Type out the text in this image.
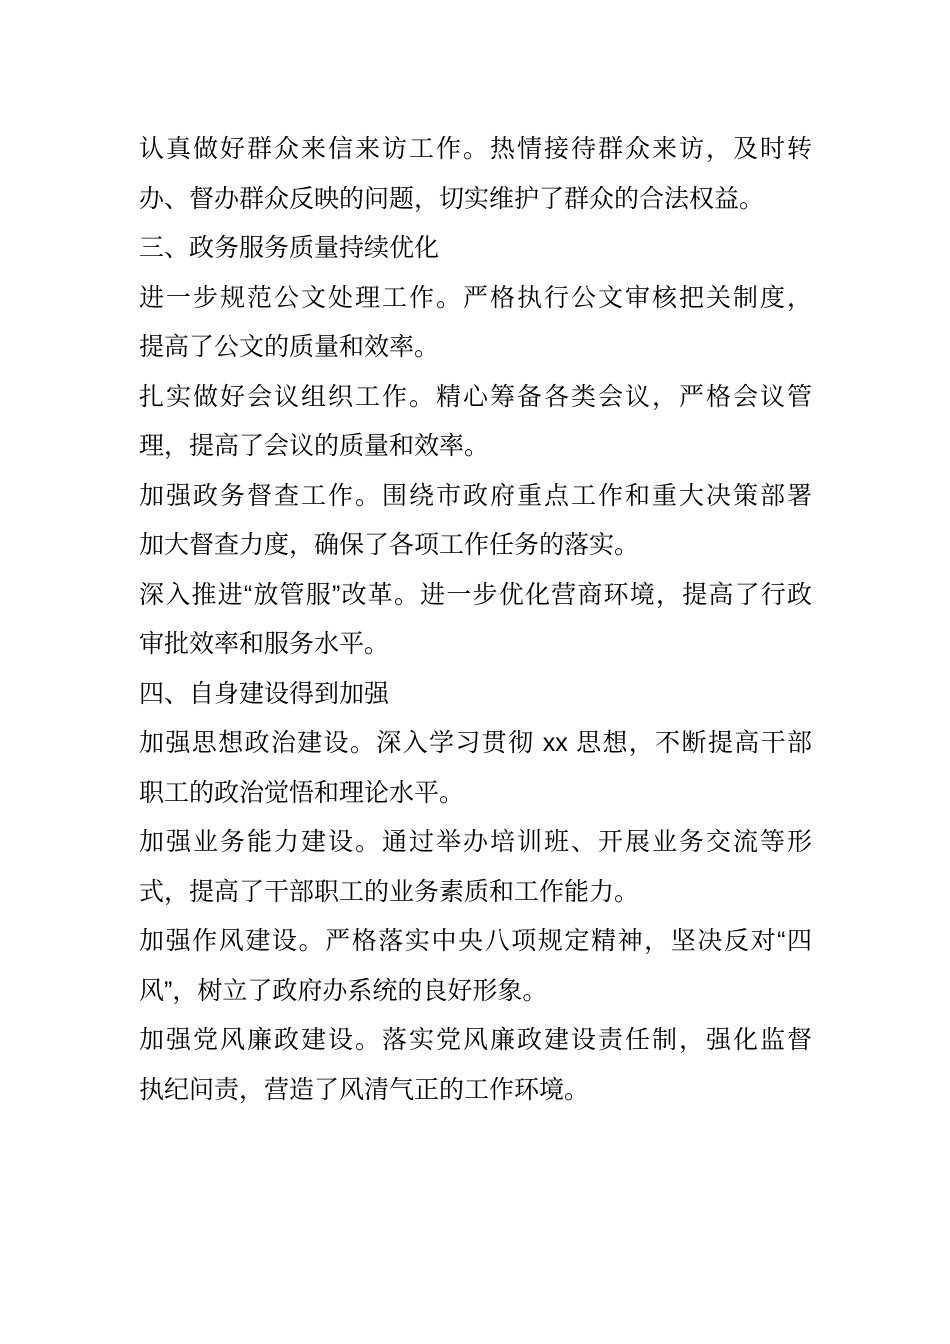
认真做好群众来信来访工作。热情接待群众来访，及时转
办、督办群众反映的问题，切实维护了群众的合法权益。
三、政务服务质量持续优化
进一步规范公文处理工作。严格执行公文审核把关制度，
提高了公文的质量和效率。
扎实做好会议组织工作。精心筹备各类会议，严格会议管
理，提高了会议的质量和效率。
加强政务督查工作。围绕市政府重点工作和重大决策部署
加大督查力度，确保了各项工作任务的落实。
深入推进“放管服”改革。进一步优化营商环境，提高了行政
审批效率和服务水平。
四、自身建设得到加强
加强思想政治建设。深入学习贯彻 xx 思想，不断提高干部
职工的政治觉悟和理论水平。
加强业务能力建设。通过举办培训班、开展业务交流等形
式，提高了干部职工的业务素质和工作能力。
加强作风建设。严格落实中央八项规定精神，坚决反对“四
风”，树立了政府办系统的良好形象。
加强党风廉政建设。落实党风廉政建设责任制，强化监督
执纪问责，营造了风清气正的工作环境。
